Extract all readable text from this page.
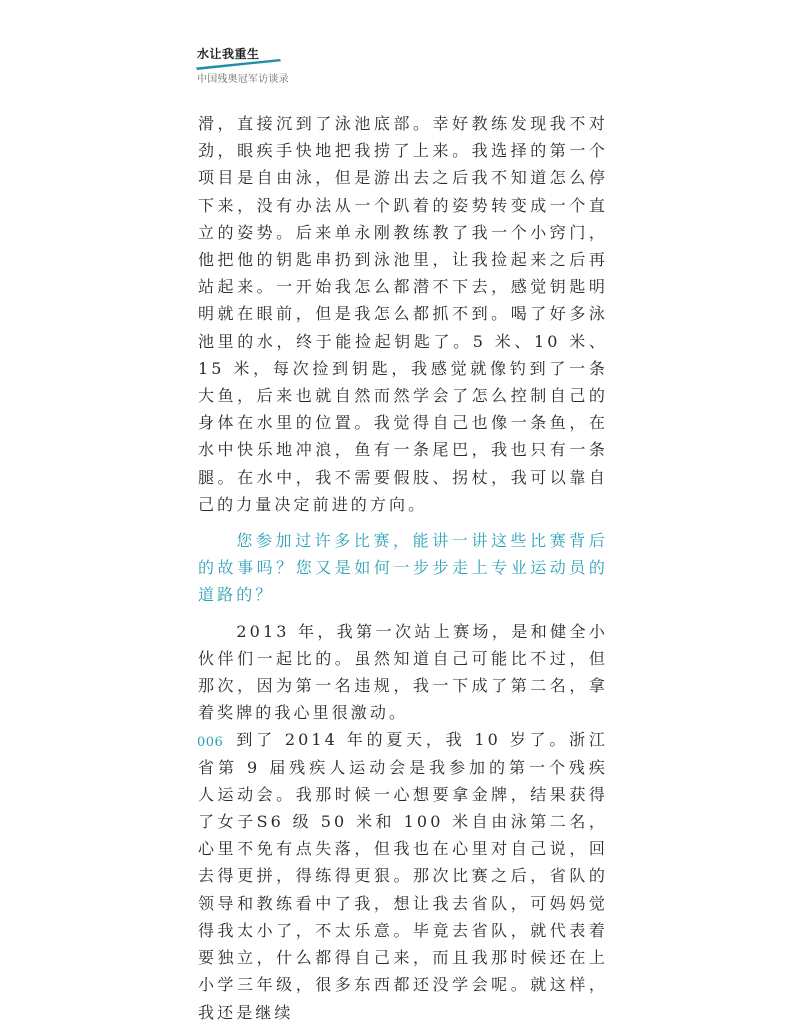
水让我重生
中国残奥冠军访谈录

滑，直接沉到了泳池底部。幸好教练发现我不对劲，眼疾手快地把我捞了上来。我选择的第一个项目是自由泳，但是游出去之后我不知道怎么停下来，没有办法从一个趴着的姿势转变成一个直立的姿势。后来单永刚教练教了我一个小窍门，他把他的钥匙串扔到泳池里，让我捡起来之后再站起来。一开始我怎么都潜不下去，感觉钥匙明明就在眼前，但是我怎么都抓不到。喝了好多泳池里的水，终于能捡起钥匙了。5 米、10 米、15 米，每次捡到钥匙，我感觉就像钓到了一条大鱼，后来也就自然而然学会了怎么控制自己的身体在水里的位置。我觉得自己也像一条鱼，在水中快乐地冲浪，鱼有一条尾巴，我也只有一条腿。在水中，我不需要假肢、拐杖，我可以靠自己的力量决定前进的方向。

您参加过许多比赛，能讲一讲这些比赛背后的故事吗？您又是如何一步步走上专业运动员的道路的？

2013 年，我第一次站上赛场，是和健全小伙伴们一起比的。虽然知道自己可能比不过，但那次，因为第一名违规，我一下成了第二名，拿着奖牌的我心里很激动。

到了 2014 年的夏天，我 10 岁了。浙江省第 9 届残疾人运动会是我参加的第一个残疾人运动会。我那时候一心想要拿金牌，结果获得了女子S6 级 50 米和 100 米自由泳第二名，心里不免有点失落，但我也在心里对自己说，回去得更拼，得练得更狠。那次比赛之后，省队的领导和教练看中了我，想让我去省队，可妈妈觉得我太小了，不太乐意。毕竟去省队，就代表着要独立，什么都得自己来，而且我那时候还在上小学三年级，很多东西都还没学会呢。就这样，我还是继续

006
